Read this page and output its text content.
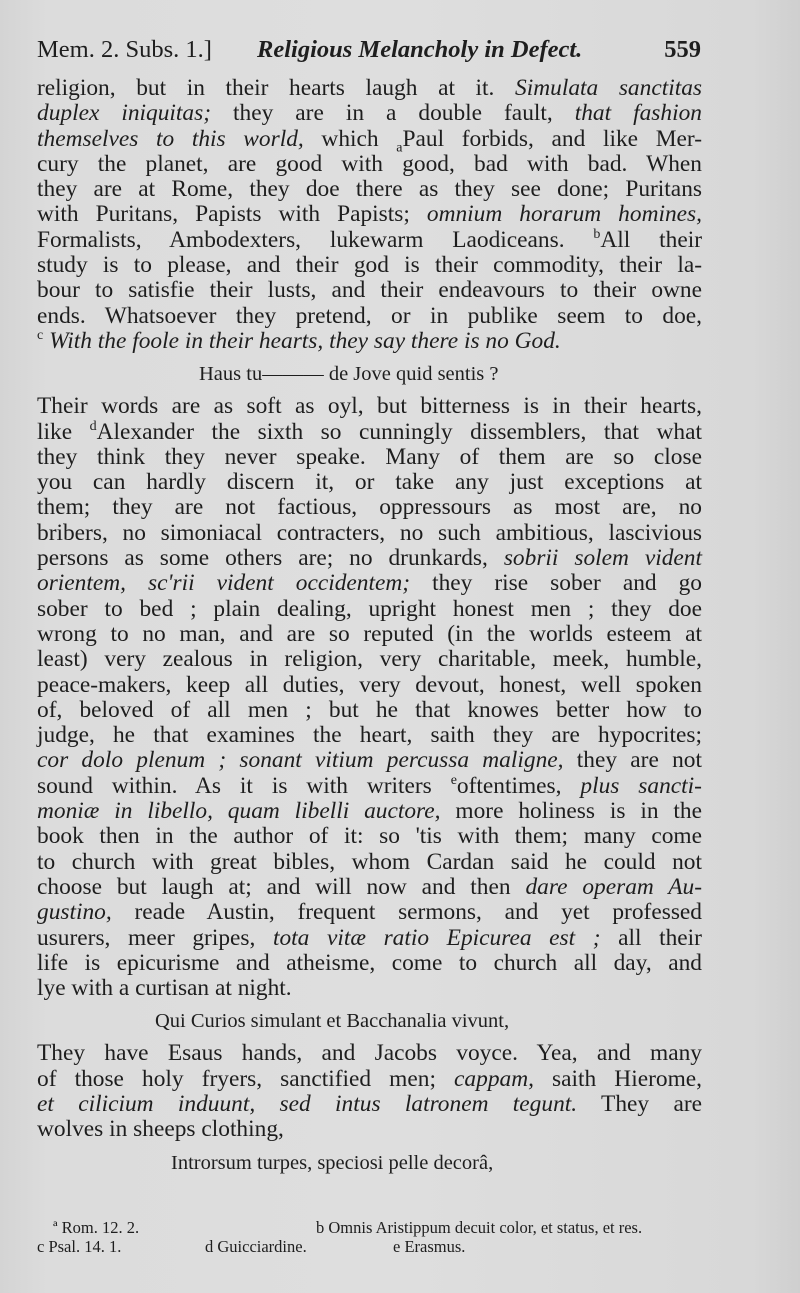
Mem. 2. Subs. 1.] Religious Melancholy in Defect.	559
religion, but in their hearts laugh at it. Simulata sanctitas
duplex iniquitas; they are in a double fault, that fashion
themselves to this world, which $_a$Paul forbids, and like Mer-
cury the planet, are good with good, bad with bad. When
they are at Rome, they doe there as they see done; Puritans
with Puritans, Papists with Papists; omnium horarum homines,
Formalists, Ambodexters, lukewarm Laodiceans. $^b$All their
study is to please, and their god is their commodity, their la-
bour to satisfie their lusts, and their endeavours to their owne
ends. Whatsoever they pretend, or in publike seem to doe,
$^c$ With the foole in their hearts, they say there is no God.
Haus tu——— de Jove quid sentis ?
Their words are as soft as oyl, but bitterness is in their hearts,
like $^d$Alexander the sixth so cunningly dissemblers, that what
they think they never speake. Many of them are so close
you can hardly discern it, or take any just exceptions at
them; they are not factious, oppressours as most are, no
bribers, no simoniacal contracters, no such ambitious, lascivious
persons as some others are; no drunkards, sobrii solem vident
orientem, sc'rii vident occidentem; they rise sober and go
sober to bed ; plain dealing, upright honest men ; they doe
wrong to no man, and are so reputed (in the worlds esteem at
least) very zealous in religion, very charitable, meek, humble,
peace-makers, keep all duties, very devout, honest, well spoken
of, beloved of all men ; but he that knowes better how to
judge, he that examines the heart, saith they are hypocrites;
cor dolo plenum ; sonant vitium percussa maligne, they are not
sound within. As it is with writers $^e$oftentimes, plus sancti-
moniæ in libello, quam libelli auctore, more holiness is in the
book then in the author of it: so 'tis with them; many come
to church with great bibles, whom Cardan said he could not
choose but laugh at; and will now and then dare operam Au-
gustino, reade Austin, frequent sermons, and yet professed
usurers, meer gripes, tota vitæ ratio Epicurea est ; all their
life is epicurisme and atheisme, come to church all day, and
lye with a curtisan at night.
Qui Curios simulant et Bacchanalia vivunt,
They have Esaus hands, and Jacobs voyce. Yea, and many
of those holy fryers, sanctified men; cappam, saith Hierome,
et cilicium induunt, sed intus latronem tegunt. They are
wolves in sheeps clothing,
Introrsum turpes, speciosi pelle decorâ,
ª Rom. 12. 2.	b Omnis Aristippum decuit color, et status, et res.
c Psal. 14. 1.	d Guicciardine.	e Erasmus.
